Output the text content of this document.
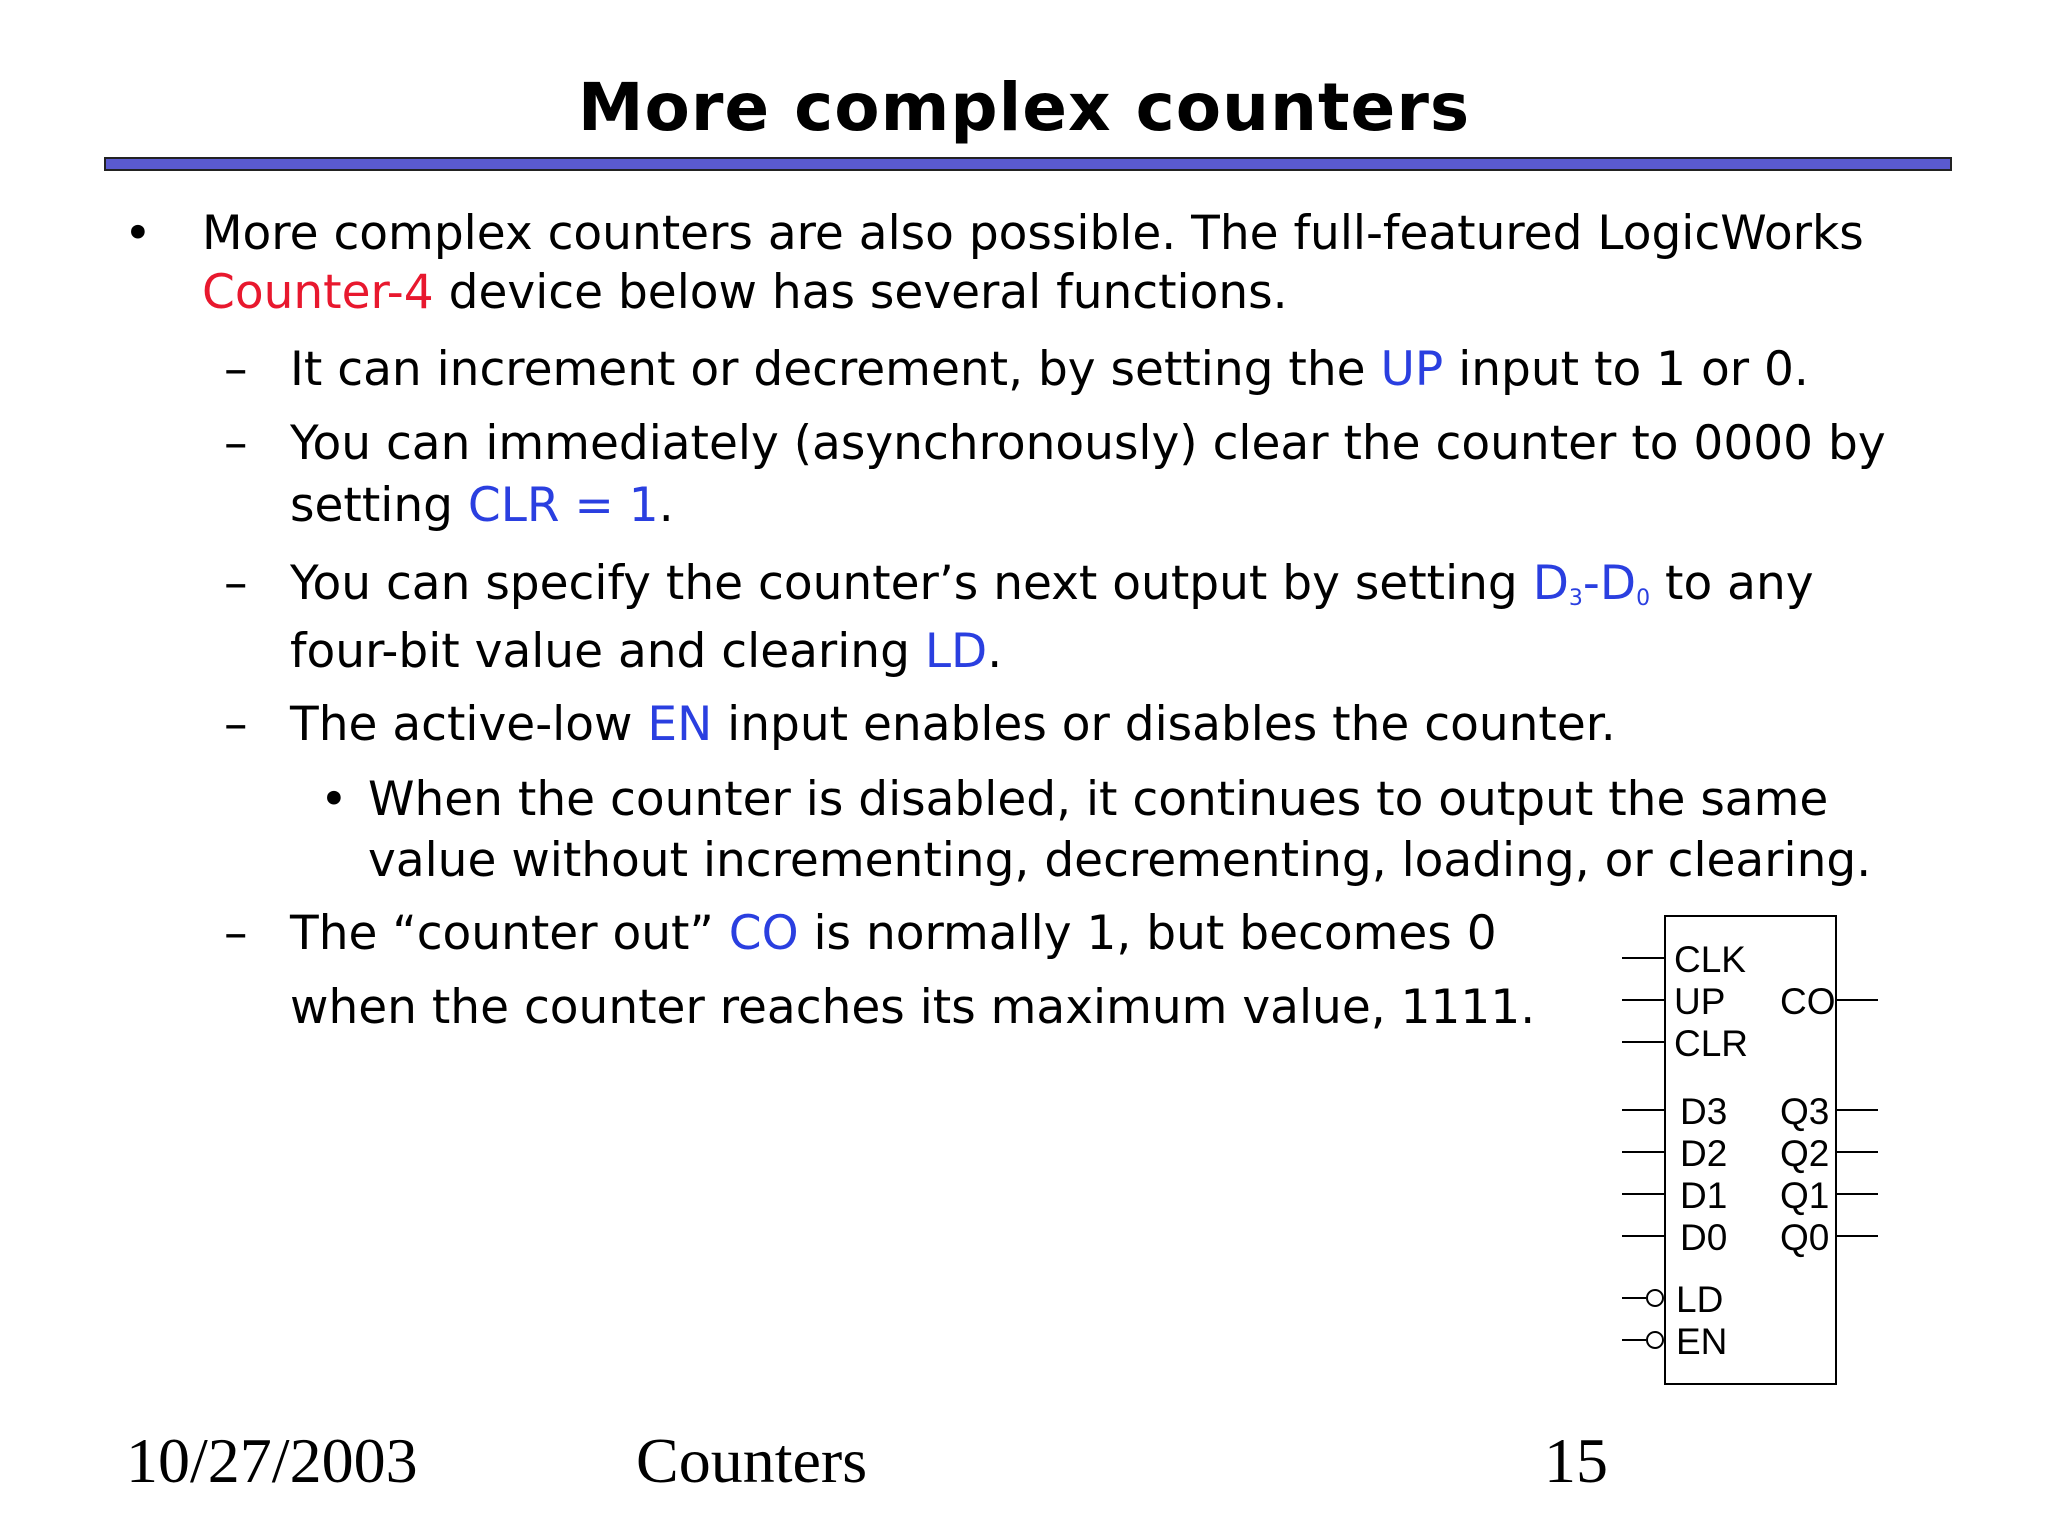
More complex counters
• More complex counters are also possible. The full-featured LogicWorks
Counter-4 device below has several functions.
– It can increment or decrement, by setting the UP input to 1 or 0.
– You can immediately (asynchronously) clear the counter to 0000 by
setting CLR = 1.
– You can specify the counter’s next output by setting $D_3-D_0$ to any
four-bit value and clearing LD.
– The active-low EN input enables or disables the counter.
• When the counter is disabled, it continues to output the same
value without incrementing, decrementing, loading, or clearing.
– The “counter out” CO is normally 1, but becomes 0
when the counter reaches its maximum value, 1111.
CLK
UP
CLR
D3
D2
D1
D0
LD
EN
CO
Q3
Q2
Q1
Q0
10/27/2003	Counters	15
